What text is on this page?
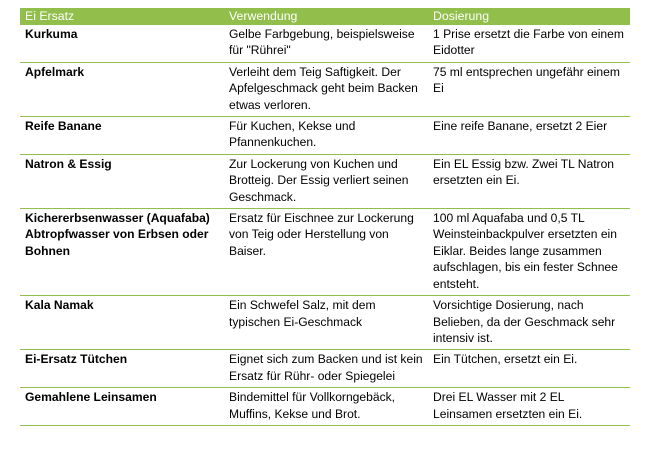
Ei Ersatz	Verwendung	Dosierung
Kurkuma	Gelbe Farbgebung, beispielsweise für "Rührei"	1 Prise ersetzt die Farbe von einem Eidotter
Apfelmark	Verleiht dem Teig Saftigkeit. Der Apfelgeschmack geht beim Backen etwas verloren.	75 ml entsprechen ungefähr einem Ei
Reife Banane	Für Kuchen, Kekse und Pfannenkuchen.	Eine reife Banane, ersetzt 2 Eier
Natron & Essig	Zur Lockerung von Kuchen und Brotteig. Der Essig verliert seinen Geschmack.	Ein EL Essig bzw. Zwei TL Natron ersetzten ein Ei.
Kichererbsenwasser (Aquafaba) Abtropfwasser von Erbsen oder Bohnen	Ersatz für Eischnee zur Lockerung von Teig oder Herstellung von Baiser.	100 ml Aquafaba und 0,5 TL Weinsteinbackpulver ersetzten ein Eiklar. Beides lange zusammen aufschlagen, bis ein fester Schnee entsteht.
Kala Namak	Ein Schwefel Salz, mit dem typischen Ei-Geschmack	Vorsichtige Dosierung, nach Belieben, da der Geschmack sehr intensiv ist.
Ei-Ersatz Tütchen	Eignet sich zum Backen und ist kein Ersatz für Rühr- oder Spiegelei	Ein Tütchen, ersetzt ein Ei.
Gemahlene Leinsamen	Bindemittel für Vollkorngebäck, Muffins, Kekse und Brot.	Drei EL Wasser mit 2 EL Leinsamen ersetzten ein Ei.
